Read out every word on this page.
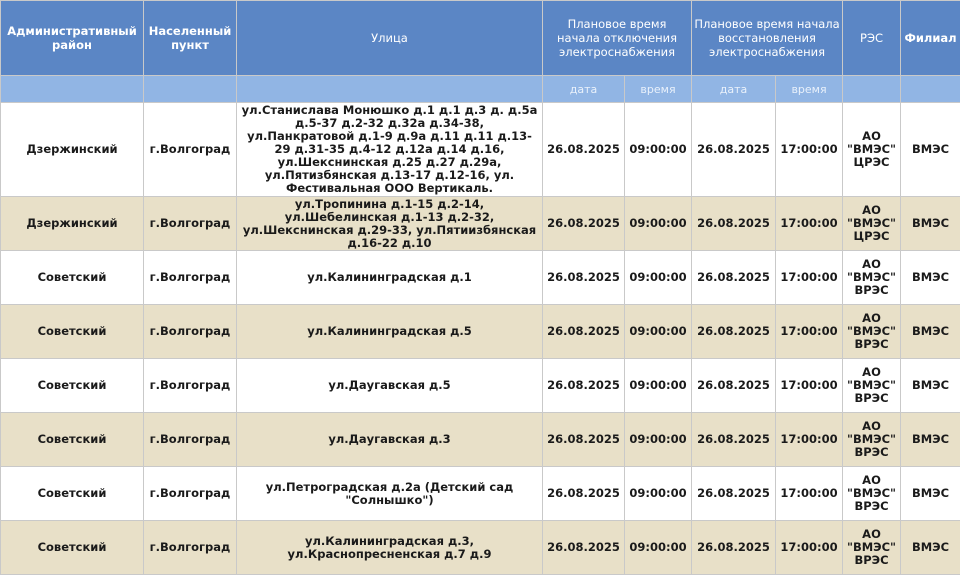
Административный район	Населенный пункт	Улица	Плановое время начала отключения электроснабжения		Плановое время начала восстановления электроснабжения		РЭС	Филиал
			дата	время	дата	время		
Дзержинский	г.Волгоград	ул.Станислава Монюшко д.1 д.1 д.3 д. д.5а д.5-37 д.2-32 д.32а д.34-38, ул.Панкратовой д.1-9 д.9а д.11 д.11 д.13-29 д.31-35 д.4-12 д.12а д.14 д.16, ул.Шекснинская д.25 д.27 д.29а, ул.Пятизбянская д.13-17 д.12-16, ул. Фестивальная ООО Вертикаль.	26.08.2025	09:00:00	26.08.2025	17:00:00	АО "ВМЭС" ЦРЭС	ВМЭС
Дзержинский	г.Волгоград	ул.Тропинина д.1-15 д.2-14, ул.Шебелинская д.1-13 д.2-32, ул.Шекснинская д.29-33, ул.Пятиизбянская д.16-22 д.10	26.08.2025	09:00:00	26.08.2025	17:00:00	АО "ВМЭС" ЦРЭС	ВМЭС
Советский	г.Волгоград	ул.Калининградская д.1	26.08.2025	09:00:00	26.08.2025	17:00:00	АО "ВМЭС" ВРЭС	ВМЭС
Советский	г.Волгоград	ул.Калининградская д.5	26.08.2025	09:00:00	26.08.2025	17:00:00	АО "ВМЭС" ВРЭС	ВМЭС
Советский	г.Волгоград	ул.Даугавская д.5	26.08.2025	09:00:00	26.08.2025	17:00:00	АО "ВМЭС" ВРЭС	ВМЭС
Советский	г.Волгоград	ул.Даугавская д.3	26.08.2025	09:00:00	26.08.2025	17:00:00	АО "ВМЭС" ВРЭС	ВМЭС
Советский	г.Волгоград	ул.Петроградская д.2а (Детский сад "Солнышко")	26.08.2025	09:00:00	26.08.2025	17:00:00	АО "ВМЭС" ВРЭС	ВМЭС
Советский	г.Волгоград	ул.Калининградская д.3, ул.Краснопресненская д.7 д.9	26.08.2025	09:00:00	26.08.2025	17:00:00	АО "ВМЭС" ВРЭС	ВМЭС
